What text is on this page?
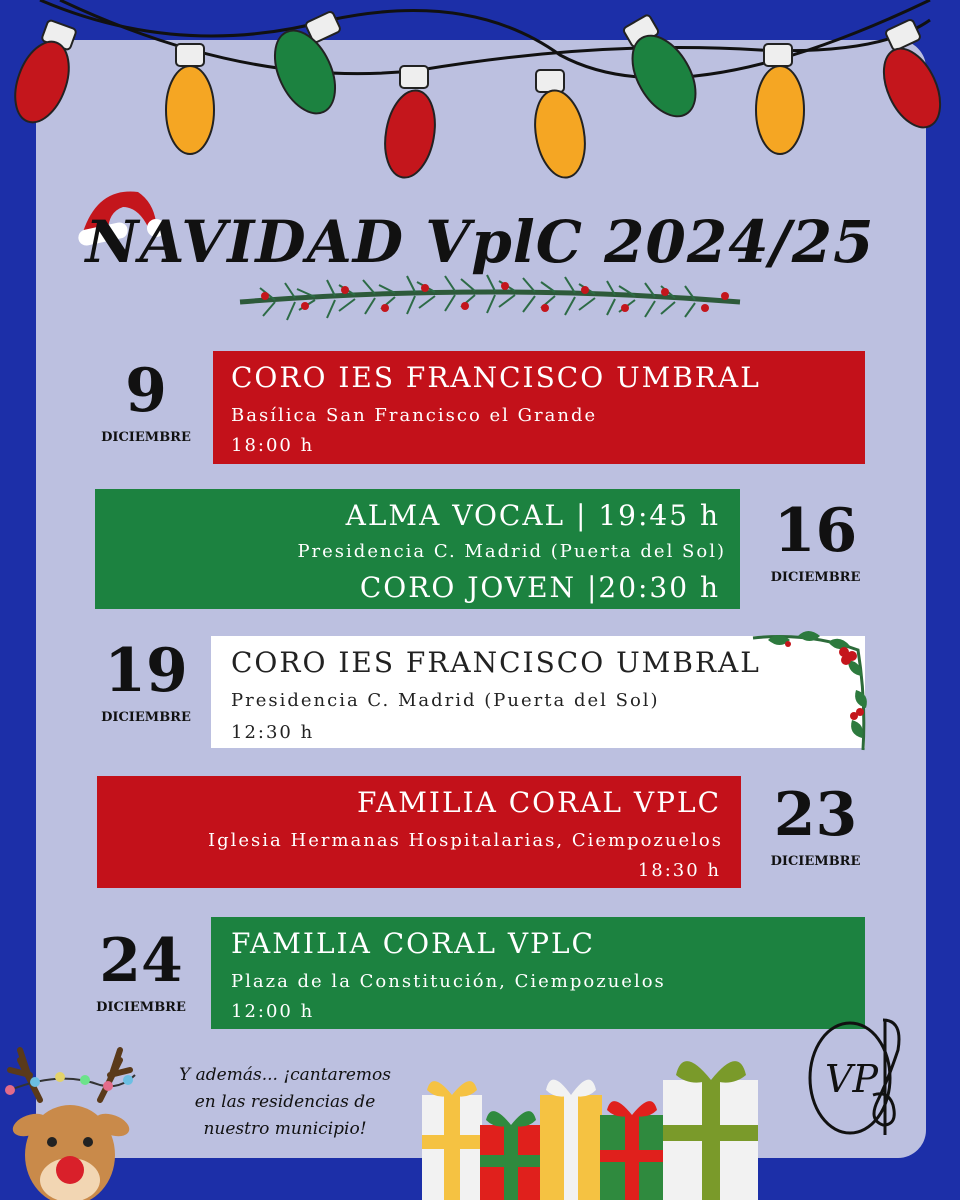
NAVIDAD VplC 2024/25
9
DICIEMBRE
CORO IES FRANCISCO UMBRAL
Basílica San Francisco el Grande
18:00 h
ALMA VOCAL | 19:45 h
Presidencia C. Madrid (Puerta del Sol)
CORO JOVEN |20:30 h
16
DICIEMBRE
19
DICIEMBRE
CORO IES FRANCISCO UMBRAL
Presidencia C. Madrid (Puerta del Sol)
12:30 h
FAMILIA CORAL VPLC
Iglesia Hermanas Hospitalarias, Ciempozuelos
18:30 h
23
DICIEMBRE
24
DICIEMBRE
FAMILIA CORAL VPLC
Plaza de la Constitución, Ciempozuelos
12:00 h
Y además... ¡cantaremos
en las residencias de
nuestro municipio!
VP
